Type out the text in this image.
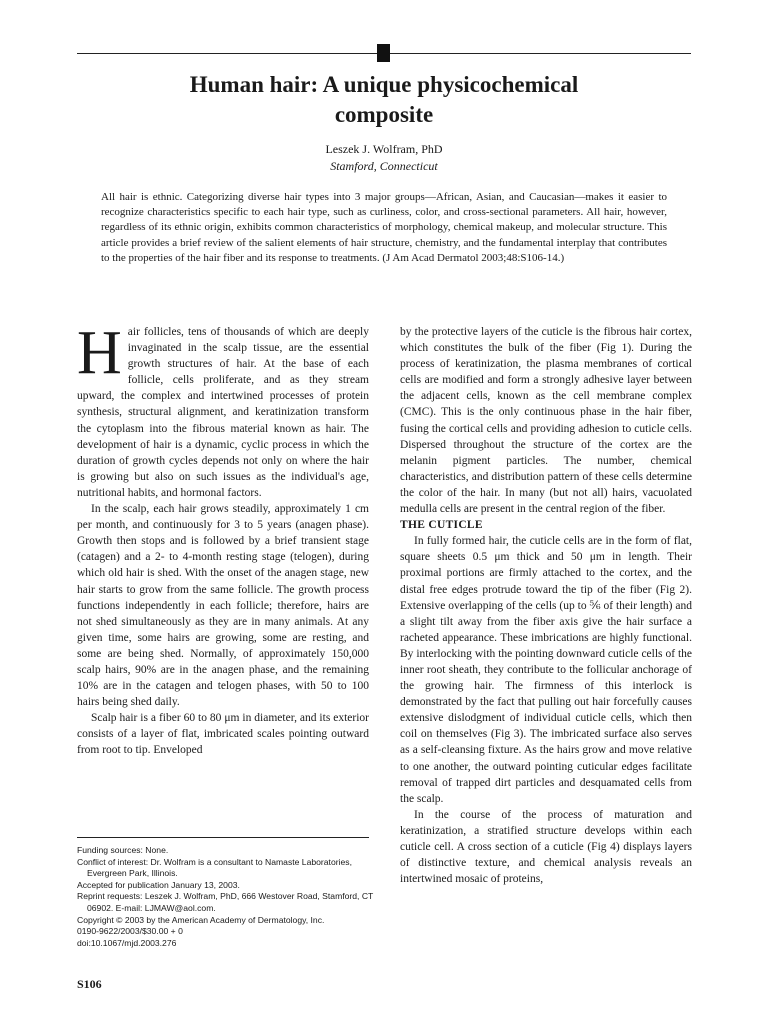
Human hair: A unique physicochemical
composite
Leszek J. Wolfram, PhD
Stamford, Connecticut

All hair is ethnic. Categorizing diverse hair types into 3 major groups—African, Asian, and Caucasian—makes it easier to recognize characteristics specific to each hair type, such as curliness, color, and cross-sectional parameters. All hair, however, regardless of its ethnic origin, exhibits common characteristics of morphology, chemical makeup, and molecular structure. This article provides a brief review of the salient elements of hair structure, chemistry, and the fundamental interplay that contributes to the properties of the hair fiber and its response to treatments. (J Am Acad Dermatol 2003;48:S106-14.)

Hair follicles, tens of thousands of which are deeply invaginated in the scalp tissue, are the essential growth structures of hair. At the base of each follicle, cells proliferate, and as they stream upward, the complex and intertwined processes of protein synthesis, structural alignment, and keratinization transform the cytoplasm into the fibrous material known as hair. The development of hair is a dynamic, cyclic process in which the duration of growth cycles depends not only on where the hair is growing but also on such issues as the individual's age, nutritional habits, and hormonal factors.

In the scalp, each hair grows steadily, approximately 1 cm per month, and continuously for 3 to 5 years (anagen phase). Growth then stops and is followed by a brief transient stage (catagen) and a 2- to 4-month resting stage (telogen), during which old hair is shed. With the onset of the anagen stage, new hair starts to grow from the same follicle. The growth process functions independently in each follicle; therefore, hairs are not shed simultaneously as they are in many animals. At any given time, some hairs are growing, some are resting, and some are being shed. Normally, of approximately 150,000 scalp hairs, 90% are in the anagen phase, and the remaining 10% are in the catagen and telogen phases, with 50 to 100 hairs being shed daily.

Scalp hair is a fiber 60 to 80 μm in diameter, and its exterior consists of a layer of flat, imbricated scales pointing outward from root to tip. Enveloped

by the protective layers of the cuticle is the fibrous hair cortex, which constitutes the bulk of the fiber (Fig 1). During the process of keratinization, the plasma membranes of cortical cells are modified and form a strongly adhesive layer between the adjacent cells, known as the cell membrane complex (CMC). This is the only continuous phase in the hair fiber, fusing the cortical cells and providing adhesion to cuticle cells. Dispersed throughout the structure of the cortex are the melanin pigment particles. The number, chemical characteristics, and distribution pattern of these cells determine the color of the hair. In many (but not all) hairs, vacuolated medulla cells are present in the central region of the fiber.

THE CUTICLE

In fully formed hair, the cuticle cells are in the form of flat, square sheets 0.5 μm thick and 50 μm in length. Their proximal portions are firmly attached to the cortex, and the distal free edges protrude toward the tip of the fiber (Fig 2). Extensive overlapping of the cells (up to ⅚ of their length) and a slight tilt away from the fiber axis give the hair surface a racheted appearance. These imbrications are highly functional. By interlocking with the pointing downward cuticle cells of the inner root sheath, they contribute to the follicular anchorage of the growing hair. The firmness of this interlock is demonstrated by the fact that pulling out hair forcefully causes extensive dislodgment of individual cuticle cells, which then coil on themselves (Fig 3). The imbricated surface also serves as a self-cleansing fixture. As the hairs grow and move relative to one another, the outward pointing cuticular edges facilitate removal of trapped dirt particles and desquamated cells from the scalp.

In the course of the process of maturation and keratinization, a stratified structure develops within each cuticle cell. A cross section of a cuticle (Fig 4) displays layers of distinctive texture, and chemical analysis reveals an intertwined mosaic of proteins,

Funding sources: None.
Conflict of interest: Dr. Wolfram is a consultant to Namaste Laboratories, Evergreen Park, Illinois.
Accepted for publication January 13, 2003.
Reprint requests: Leszek J. Wolfram, PhD, 666 Westover Road, Stamford, CT 06902. E-mail: LJMAW@aol.com.
Copyright © 2003 by the American Academy of Dermatology, Inc.
0190-9622/2003/$30.00 + 0
doi:10.1067/mjd.2003.276
S106
